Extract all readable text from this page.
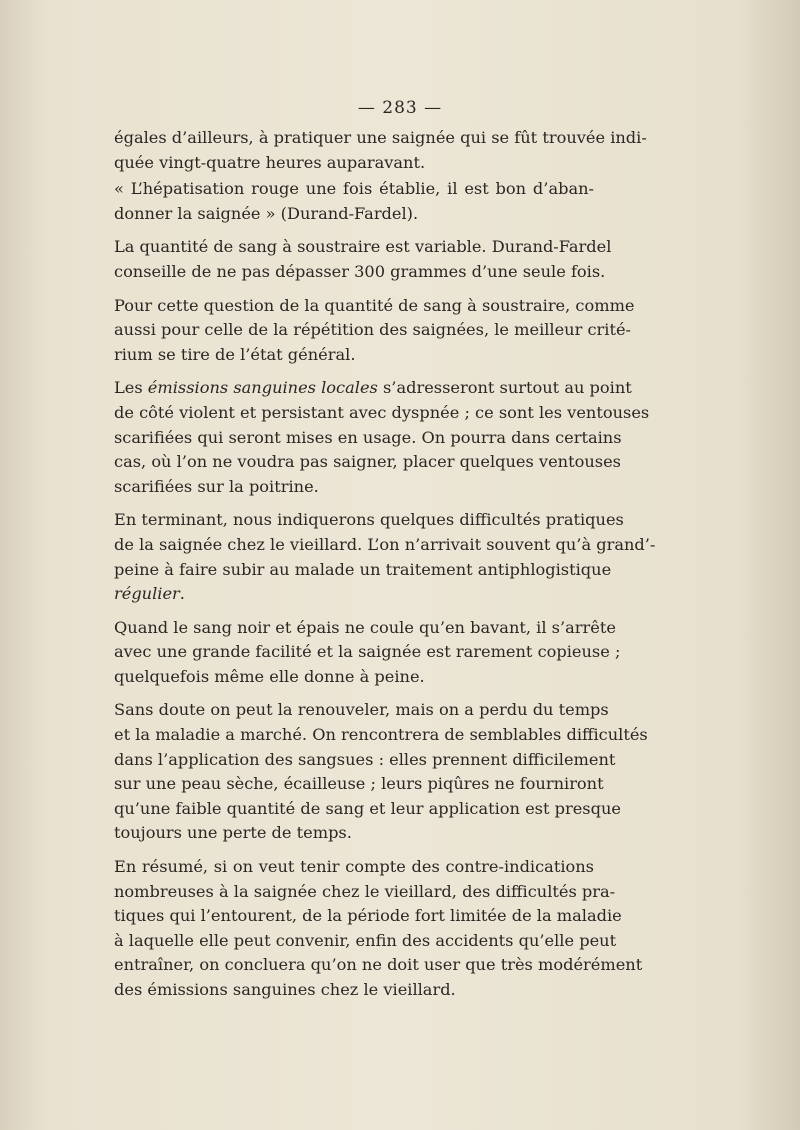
— 283 —

égales d’ailleurs, à pratiquer une saignée qui se fût trouvée indi-
quée vingt-quatre heures auparavant.

« L’hépatisation rouge une fois établie, il est bon d’aban-
donner la saignée » (Durand-Fardel).

La quantité de sang à soustraire est variable. Durand-Fardel
conseille de ne pas dépasser 300 grammes d’une seule fois.

Pour cette question de la quantité de sang à soustraire, comme
aussi pour celle de la répétition des saignées, le meilleur crité-
rium se tire de l’état général.

Les émissions sanguines locales s’adresseront surtout au point
de côté violent et persistant avec dyspnée ; ce sont les ventouses
scarifiées qui seront mises en usage. On pourra dans certains
cas, où l’on ne voudra pas saigner, placer quelques ventouses
scarifiées sur la poitrine.

En terminant, nous indiquerons quelques difficultés pratiques
de la saignée chez le vieillard. L’on n’arrivait souvent qu’à grand’-
peine à faire subir au malade un traitement antiphlogistique
régulier.

Quand le sang noir et épais ne coule qu’en bavant, il s’arrête
avec une grande facilité et la saignée est rarement copieuse ;
quelquefois même elle donne à peine.

Sans doute on peut la renouveler, mais on a perdu du temps
et la maladie a marché. On rencontrera de semblables difficultés
dans l’application des sangsues : elles prennent difficilement
sur une peau sèche, écailleuse ; leurs piqûres ne fourniront
qu’une faible quantité de sang et leur application est presque
toujours une perte de temps.

En résumé, si on veut tenir compte des contre-indications
nombreuses à la saignée chez le vieillard, des difficultés pra-
tiques qui l’entourent, de la période fort limitée de la maladie
à laquelle elle peut convenir, enfin des accidents qu’elle peut
entraîner, on concluera qu’on ne doit user que très modérément
des émissions sanguines chez le vieillard.
